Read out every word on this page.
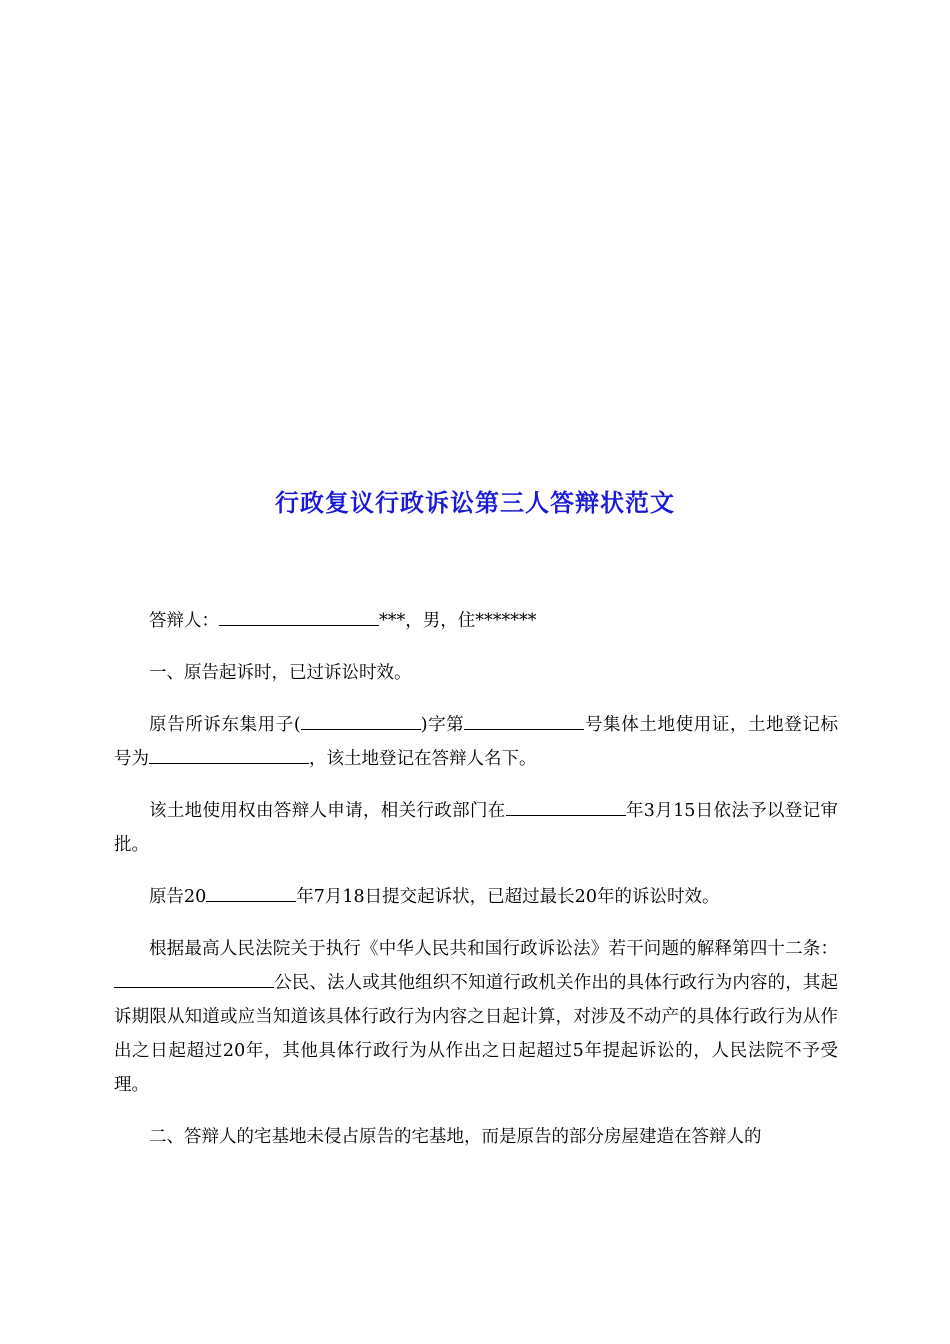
行政复议行政诉讼第三人答辩状范文

答辩人：	***，男，住*******

一、原告起诉时，已过诉讼时效。

原告所诉东集用子(	)字第	号集体土地使用证，土地登记标号为	，该土地登记在答辩人名下。

该土地使用权由答辩人申请，相关行政部门在	年3月15日依法予以登记审批。

原告20	年7月18日提交起诉状，已超过最长20年的诉讼时效。

根据最高人民法院关于执行《中华人民共和国行政诉讼法》若干问题的解释第四十二条：公民、法人或其他组织不知道行政机关作出的具体行政行为内容的，其起诉期限从知道或应当知道该具体行政行为内容之日起计算，对涉及不动产的具体行政行为从作出之日起超过20年，其他具体行政行为从作出之日起超过5年提起诉讼的，人民法院不予受理。

二、答辩人的宅基地未侵占原告的宅基地，而是原告的部分房屋建造在答辩人的
